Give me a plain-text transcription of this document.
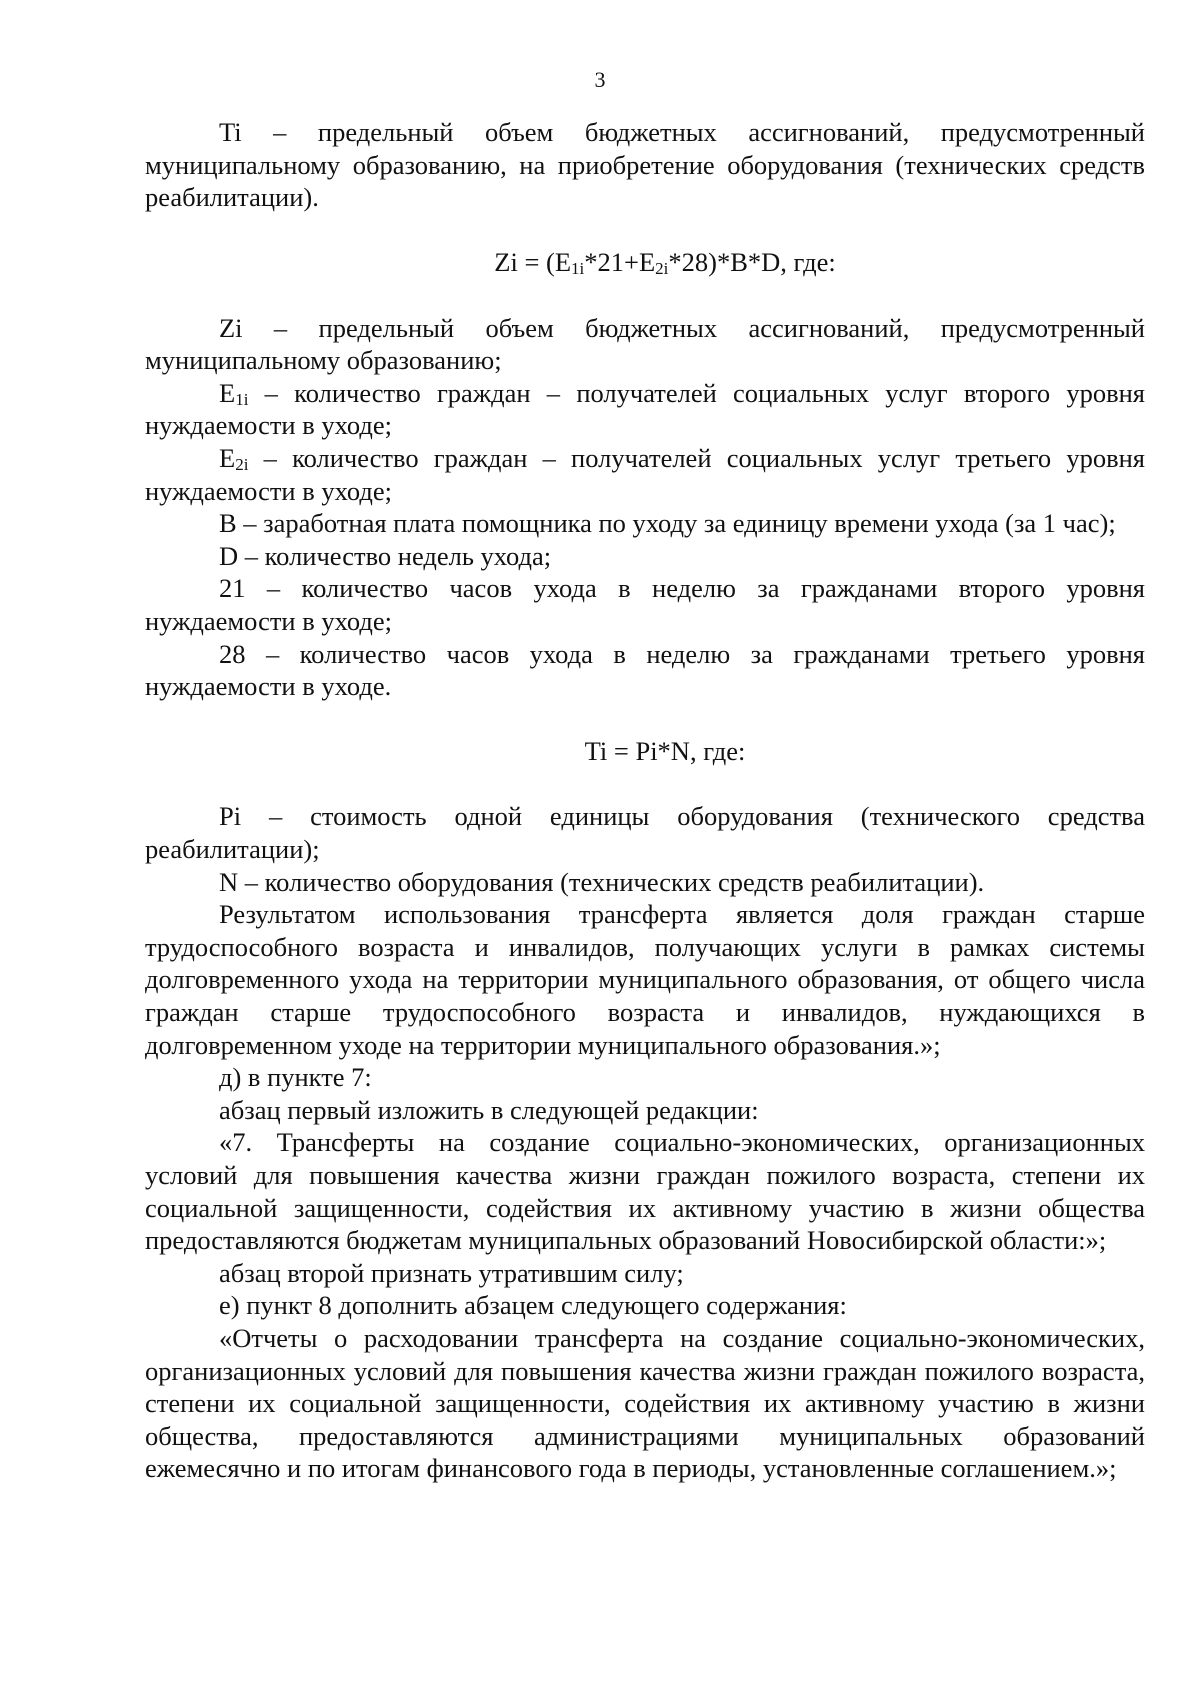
3

Ti – предельный объем бюджетных ассигнований, предусмотренный муниципальному образованию, на приобретение оборудования (технических средств реабилитации).

$Zi = (E_{1i}*21+E_{2i}*28)*B*D$, где:

Zi – предельный объем бюджетных ассигнований, предусмотренный муниципальному образованию;

$E_{1i}$ – количество граждан – получателей социальных услуг второго уровня нуждаемости в уходе;

$E_{2i}$ – количество граждан – получателей социальных услуг третьего уровня нуждаемости в уходе;

B – заработная плата помощника по уходу за единицу времени ухода (за 1 час);

D – количество недель ухода;

21 – количество часов ухода в неделю за гражданами второго уровня нуждаемости в уходе;

28 – количество часов ухода в неделю за гражданами третьего уровня нуждаемости в уходе.

Ti = Pi*N, где:

Pi – стоимость одной единицы оборудования (технического средства реабилитации);

N – количество оборудования (технических средств реабилитации).

Результатом использования трансферта является доля граждан старше трудоспособного возраста и инвалидов, получающих услуги в рамках системы долговременного ухода на территории муниципального образования, от общего числа граждан старше трудоспособного возраста и инвалидов, нуждающихся в долговременном уходе на территории муниципального образования.»;

д) в пункте 7:

абзац первый изложить в следующей редакции:

«7. Трансферты на создание социально-экономических, организационных условий для повышения качества жизни граждан пожилого возраста, степени их социальной защищенности, содействия их активному участию в жизни общества предоставляются бюджетам муниципальных образований Новосибирской области:»;

абзац второй признать утратившим силу;

е) пункт 8 дополнить абзацем следующего содержания:

«Отчеты о расходовании трансферта на создание социально-экономических, организационных условий для повышения качества жизни граждан пожилого возраста, степени их социальной защищенности, содействия их активному участию в жизни общества, предоставляются администрациями муниципальных образований ежемесячно и по итогам финансового года в периоды, установленные соглашением.»;
